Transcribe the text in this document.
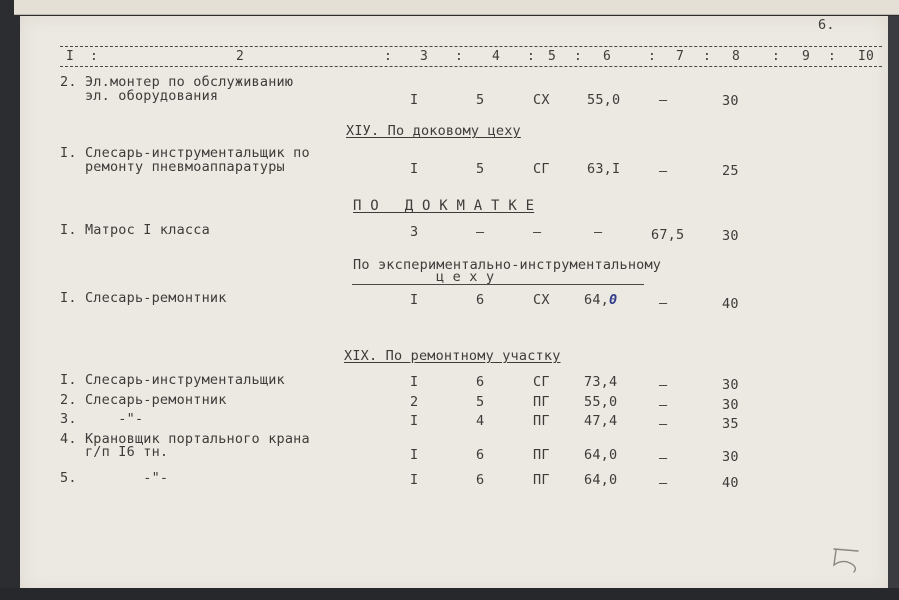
6.
I :	2	: 3 : 4 : 5 : 6	: 7 : 8 : 9 : I0
2. Эл.монтер по обслуживанию
эл. оборудования	I	5	СХ	55,0	–	30
XIУ. По доковому цеху
I. Слесарь-инструментальщик по
ремонту пневмоаппаратуры	I	5	СГ	63,I	–	25
П О   Д О К М А Т К Е
I. Матрос I класса	3	–	–	–	67,5	30
По экспериментально-инструментальному
ц е х у
I. Слесарь-ремонтник	I	6	СХ	64,0	–	40
XIX. По ремонтному участку
I. Слесарь-инструментальщик	I	6	СГ	73,4	–	30
2. Слесарь-ремонтник	2	5	ПГ	55,0	–	30
3.     -"-	I	4	ПГ	47,4	–	35
4. Крановщик портального крана
г/п I6 тн.	I	6	ПГ	64,0	–	30
5.        -"-	I	6	ПГ	64,0	–	40
